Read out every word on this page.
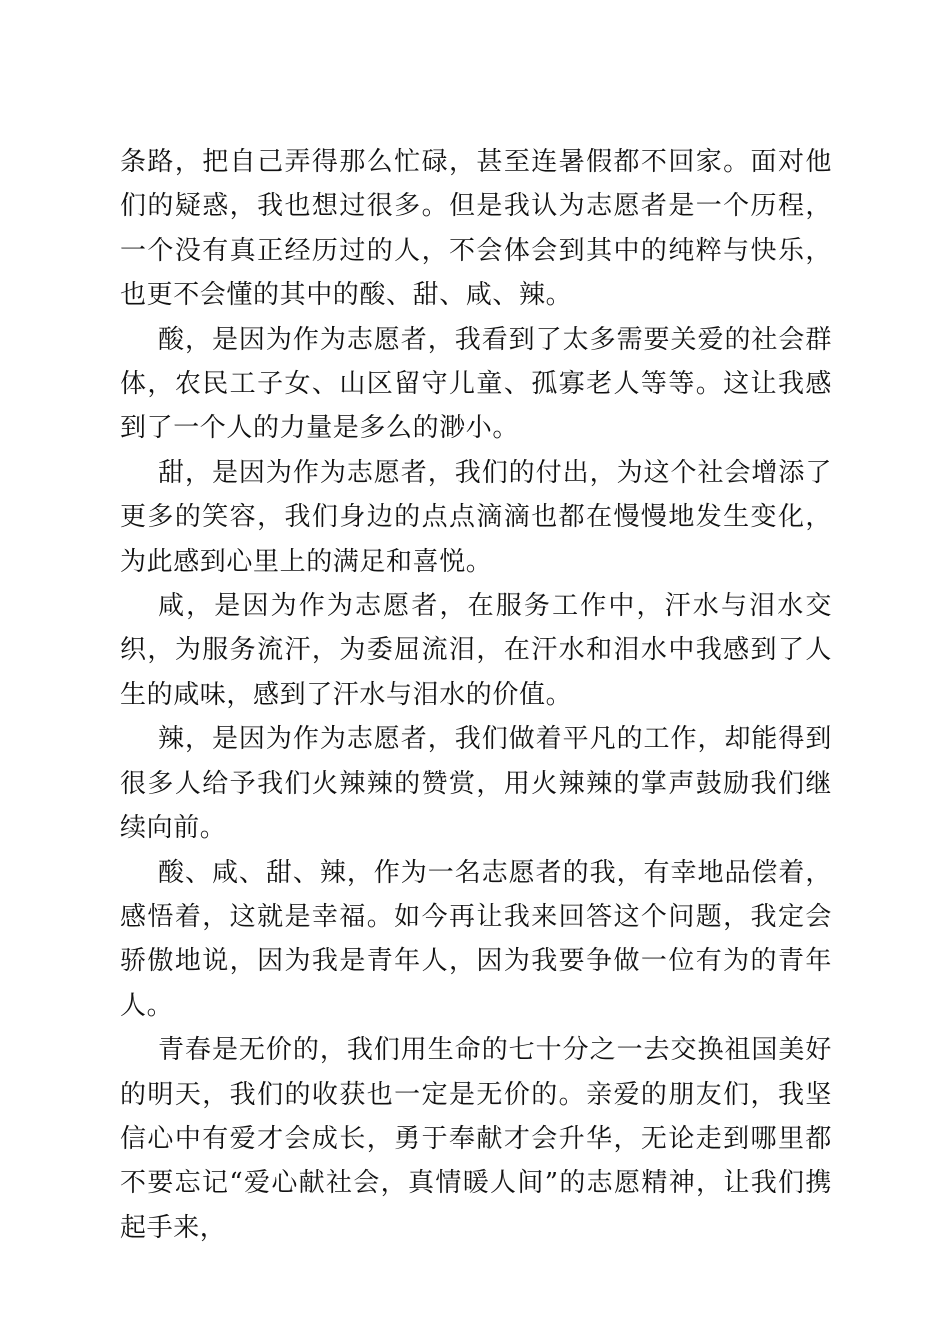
条路，把自己弄得那么忙碌，甚至连暑假都不回家。面对他们的疑惑，我也想过很多。但是我认为志愿者是一个历程，一个没有真正经历过的人，不会体会到其中的纯粹与快乐，也更不会懂的其中的酸、甜、咸、辣。

酸，是因为作为志愿者，我看到了太多需要关爱的社会群体，农民工子女、山区留守儿童、孤寡老人等等。这让我感到了一个人的力量是多么的渺小。

甜，是因为作为志愿者，我们的付出，为这个社会增添了更多的笑容，我们身边的点点滴滴也都在慢慢地发生变化，为此感到心里上的满足和喜悦。

咸，是因为作为志愿者，在服务工作中，汗水与泪水交织，为服务流汗，为委屈流泪，在汗水和泪水中我感到了人生的咸味，感到了汗水与泪水的价值。

辣，是因为作为志愿者，我们做着平凡的工作，却能得到很多人给予我们火辣辣的赞赏，用火辣辣的掌声鼓励我们继续向前。

酸、咸、甜、辣，作为一名志愿者的我，有幸地品偿着，感悟着，这就是幸福。如今再让我来回答这个问题，我定会骄傲地说，因为我是青年人，因为我要争做一位有为的青年人。

青春是无价的，我们用生命的七十分之一去交换祖国美好的明天，我们的收获也一定是无价的。亲爱的朋友们，我坚信心中有爱才会成长，勇于奉献才会升华，无论走到哪里都不要忘记“爱心献社会，真情暖人间”的志愿精神，让我们携起手来，
